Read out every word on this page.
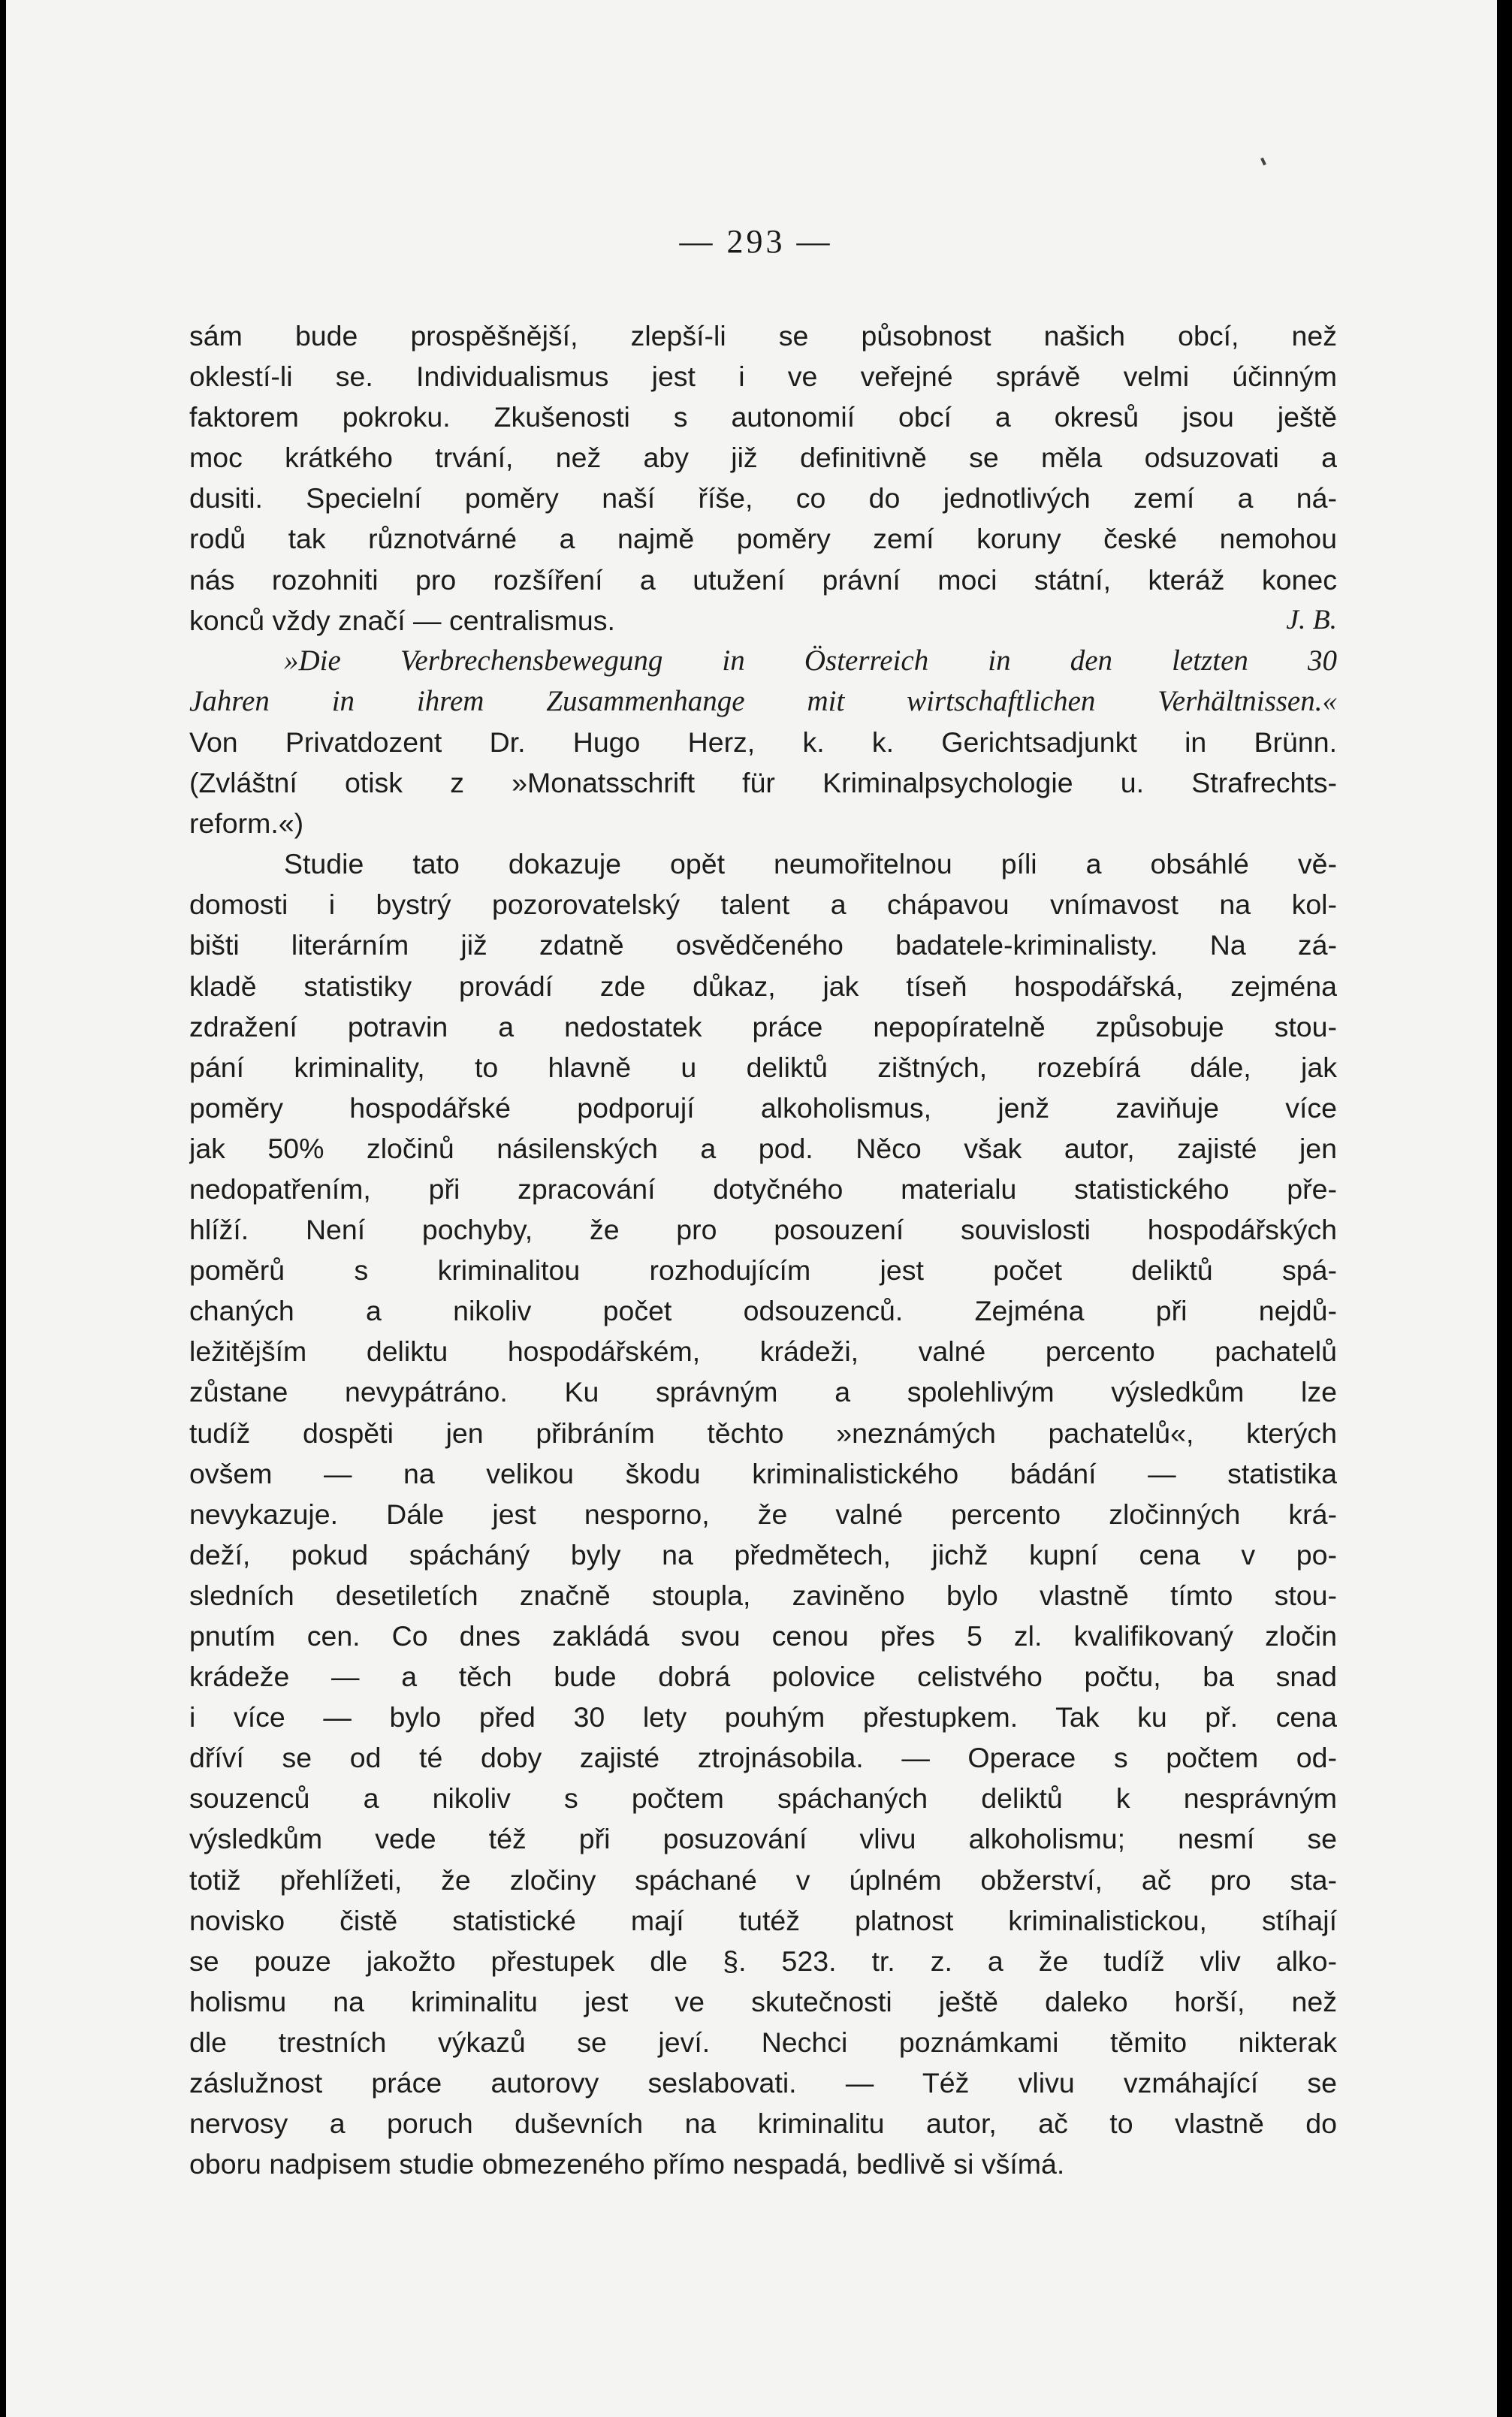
— 293 —
sám bude prospěšnější, zlepší-li se působnost našich obcí, než
oklestí-li se. Individualismus jest i ve veřejné správě velmi účinným
faktorem pokroku. Zkušenosti s autonomií obcí a okresů jsou ještě
moc krátkého trvání, než aby již definitivně se měla odsuzovati a
dusiti. Specielní poměry naší říše, co do jednotlivých zemí a ná-
rodů tak různotvárné a najmě poměry zemí koruny české nemohou
nás rozohniti pro rozšíření a utužení právní moci státní, kteráž konec
konců vždy značí — centralismus.	J. B.
»Die Verbrechensbewegung in Österreich in den letzten 30
Jahren in ihrem Zusammenhange mit wirtschaftlichen Verhältnissen.«
Von Privatdozent Dr. Hugo Herz, k. k. Gerichtsadjunkt in Brünn.
(Zvláštní otisk z »Monatsschrift für Kriminalpsychologie u. Strafrechts-
reform.«)
Studie tato dokazuje opět neumořitelnou píli a obsáhlé vě-
domosti i bystrý pozorovatelský talent a chápavou vnímavost na kol-
bišti literárním již zdatně osvědčeného badatele-kriminalisty. Na zá-
kladě statistiky provádí zde důkaz, jak tíseň hospodářská, zejména
zdražení potravin a nedostatek práce nepopíratelně způsobuje stou-
pání kriminality, to hlavně u deliktů zištných, rozebírá dále, jak
poměry hospodářské podporují alkoholismus, jenž zaviňuje více
jak 50% zločinů násilenských a pod. Něco však autor, zajisté jen
nedopatřením, při zpracování dotyčného materialu statistického pře-
hlíží. Není pochyby, že pro posouzení souvislosti hospodářských
poměrů s kriminalitou rozhodujícím jest počet deliktů spá-
chaných a nikoliv počet odsouzenců. Zejména při nejdů-
ležitějším deliktu hospodářském, krádeži, valné percento pachatelů
zůstane nevypátráno. Ku správným a spolehlivým výsledkům lze
tudíž dospěti jen přibráním těchto »neznámých pachatelů«, kterých
ovšem — na velikou škodu kriminalistického bádání — statistika
nevykazuje. Dále jest nesporno, že valné percento zločinných krá-
deží, pokud spácháný byly na předmětech, jichž kupní cena v po-
sledních desetiletích značně stoupla, zaviněno bylo vlastně tímto stou-
pnutím cen. Co dnes zakládá svou cenou přes 5 zl. kvalifikovaný zločin
krádeže — a těch bude dobrá polovice celistvého počtu, ba snad
i více — bylo před 30 lety pouhým přestupkem. Tak ku př. cena
dříví se od té doby zajisté ztrojnásobila. — Operace s počtem od-
souzenců a nikoliv s počtem spáchaných deliktů k nesprávným
výsledkům vede též při posuzování vlivu alkoholismu; nesmí se
totiž přehlížeti, že zločiny spáchané v úplném obžerství, ač pro sta-
novisko čistě statistické mají tutéž platnost kriminalistickou, stíhají
se pouze jakožto přestupek dle §. 523. tr. z. a že tudíž vliv alko-
holismu na kriminalitu jest ve skutečnosti ještě daleko horší, než
dle trestních výkazů se jeví. Nechci poznámkami těmito nikterak
záslužnost práce autorovy seslabovati. — Též vlivu vzmáhající se
nervosy a poruch duševních na kriminalitu autor, ač to vlastně do
oboru nadpisem studie obmezeného přímo nespadá, bedlivě si všímá.
